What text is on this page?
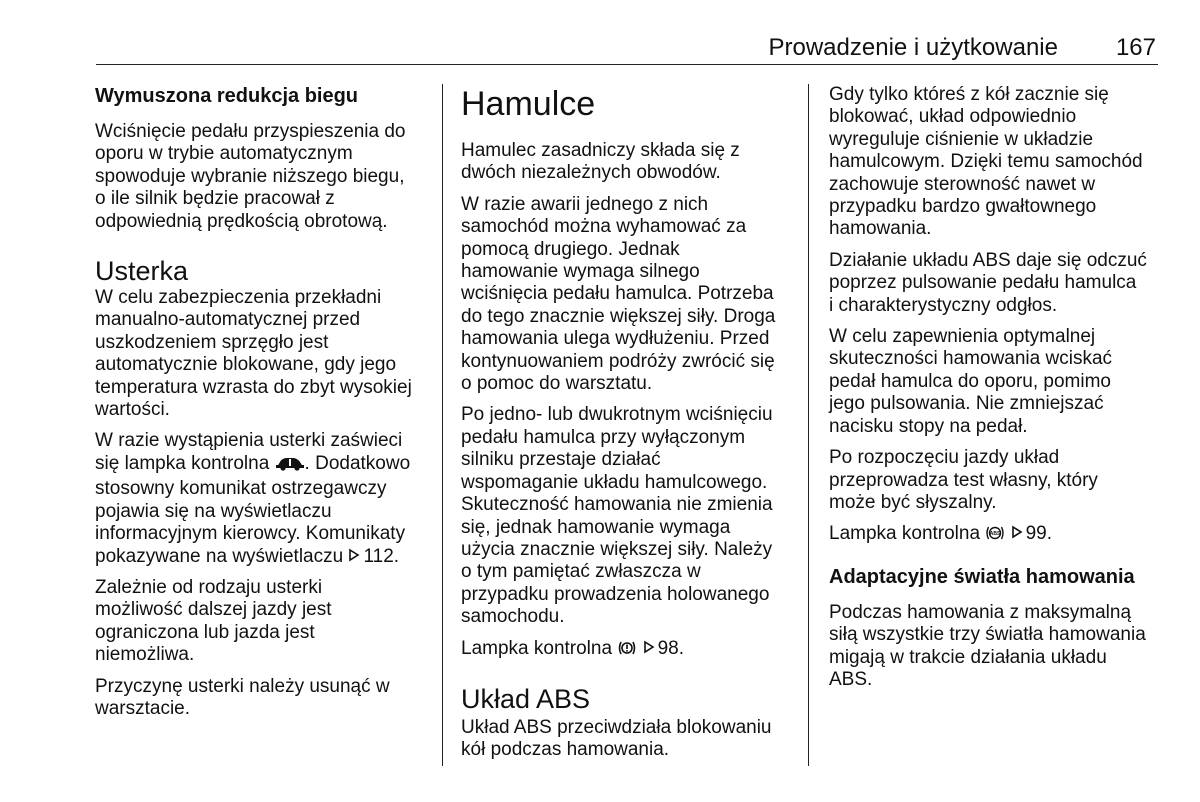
Prowadzenie i użytkowanie 167

Wymuszona redukcja biegu

Wciśnięcie pedału przyspieszenia do
oporu w trybie automatycznym
spowoduje wybranie niższego biegu,
o ile silnik będzie pracował z
odpowiednią prędkością obrotową.

Usterka

W celu zabezpieczenia przekładni
manualno-automatycznej przed
uszkodzeniem sprzęgło jest
automatycznie blokowane, gdy jego
temperatura wzrasta do zbyt wysokiej
wartości.

W razie wystąpienia usterki zaświeci
się lampka kontrolna . Dodatkowo
stosowny komunikat ostrzegawczy
pojawia się na wyświetlaczu
informacyjnym kierowcy. Komunikaty
pokazywane na wyświetlaczu 112.

Zależnie od rodzaju usterki
możliwość dalszej jazdy jest
ograniczona lub jazda jest
niemożliwa.

Przyczynę usterki należy usunąć w
warsztacie.

Hamulce

Hamulec zasadniczy składa się z
dwóch niezależnych obwodów.

W razie awarii jednego z nich
samochód można wyhamować za
pomocą drugiego. Jednak
hamowanie wymaga silnego
wciśnięcia pedału hamulca. Potrzeba
do tego znacznie większej siły. Droga
hamowania ulega wydłużeniu. Przed
kontynuowaniem podróży zwrócić się
o pomoc do warsztatu.

Po jedno- lub dwukrotnym wciśnięciu
pedału hamulca przy wyłączonym
silniku przestaje działać
wspomaganie układu hamulcowego.
Skuteczność hamowania nie zmienia
się, jednak hamowanie wymaga
użycia znacznie większej siły. Należy
o tym pamiętać zwłaszcza w
przypadku prowadzenia holowanego
samochodu.

Lampka kontrolna  98.

Układ ABS

Układ ABS przeciwdziała blokowaniu
kół podczas hamowania.

Gdy tylko któreś z kół zacznie się
blokować, układ odpowiednio
wyreguluje ciśnienie w układzie
hamulcowym. Dzięki temu samochód
zachowuje sterowność nawet w
przypadku bardzo gwałtownego
hamowania.

Działanie układu ABS daje się odczuć
poprzez pulsowanie pedału hamulca
i charakterystyczny odgłos.

W celu zapewnienia optymalnej
skuteczności hamowania wciskać
pedał hamulca do oporu, pomimo
jego pulsowania. Nie zmniejszać
nacisku stopy na pedał.

Po rozpoczęciu jazdy układ
przeprowadza test własny, który
może być słyszalny.

Lampka kontrolna ABS 99.

Adaptacyjne światła hamowania

Podczas hamowania z maksymalną
siłą wszystkie trzy światła hamowania
migają w trakcie działania układu
ABS.
